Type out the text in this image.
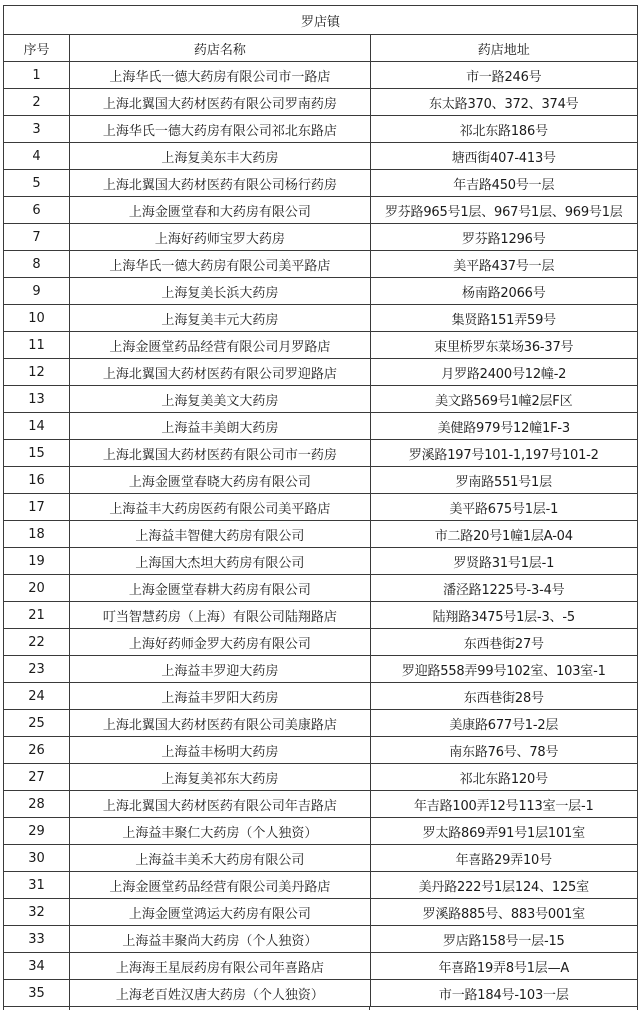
罗店镇		
序号	药店名称	药店地址
1	上海华氏一德大药房有限公司市一路店	市一路246号
2	上海北翼国大药材医药有限公司罗南药房	东太路370、372、374号
3	上海华氏一德大药房有限公司祁北东路店	祁北东路186号
4	上海复美东丰大药房	塘西街407-413号
5	上海北翼国大药材医药有限公司杨行药房	年吉路450号一层
6	上海金匮堂春和大药房有限公司	罗芬路965号1层、967号1层、969号1层
7	上海好药师宝罗大药房	罗芬路1296号
8	上海华氏一德大药房有限公司美平路店	美平路437号一层
9	上海复美长浜大药房	杨南路2066号
10	上海复美丰元大药房	集贤路151弄59号
11	上海金匮堂药品经营有限公司月罗路店	束里桥罗东菜场36-37号
12	上海北翼国大药材医药有限公司罗迎路店	月罗路2400号12幢-2
13	上海复美美文大药房	美文路569号1幢2层F区
14	上海益丰美朗大药房	美健路979号12幢1F-3
15	上海北翼国大药材医药有限公司市一药房	罗溪路197号101-1,197号101-2
16	上海金匮堂春晓大药房有限公司	罗南路551号1层
17	上海益丰大药房医药有限公司美平路店	美平路675号1层-1
18	上海益丰智健大药房有限公司	市二路20号1幢1层A-04
19	上海国大杰坦大药房有限公司	罗贤路31号1层-1
20	上海金匮堂春耕大药房有限公司	潘泾路1225号-3-4号
21	叮当智慧药房（上海）有限公司陆翔路店	陆翔路3475号1层-3、-5
22	上海好药师金罗大药房有限公司	东西巷街27号
23	上海益丰罗迎大药房	罗迎路558弄99号102室、103室-1
24	上海益丰罗阳大药房	东西巷街28号
25	上海北翼国大药材医药有限公司美康路店	美康路677号1-2层
26	上海益丰杨明大药房	南东路76号、78号
27	上海复美祁东大药房	祁北东路120号
28	上海北翼国大药材医药有限公司年吉路店	年吉路100弄12号113室一层-1
29	上海益丰聚仁大药房（个人独资）	罗太路869弄91号1层101室
30	上海益丰美禾大药房有限公司	年喜路29弄10号
31	上海金匮堂药品经营有限公司美丹路店	美丹路222号1层124、125室
32	上海金匮堂鸿运大药房有限公司	罗溪路885号、883号001室
33	上海益丰聚尚大药房（个人独资）	罗店路158号一层-15
34	上海海王星辰药房有限公司年喜路店	年喜路19弄8号1层—A
35	上海老百姓汉唐大药房（个人独资）	市一路184号-103一层
